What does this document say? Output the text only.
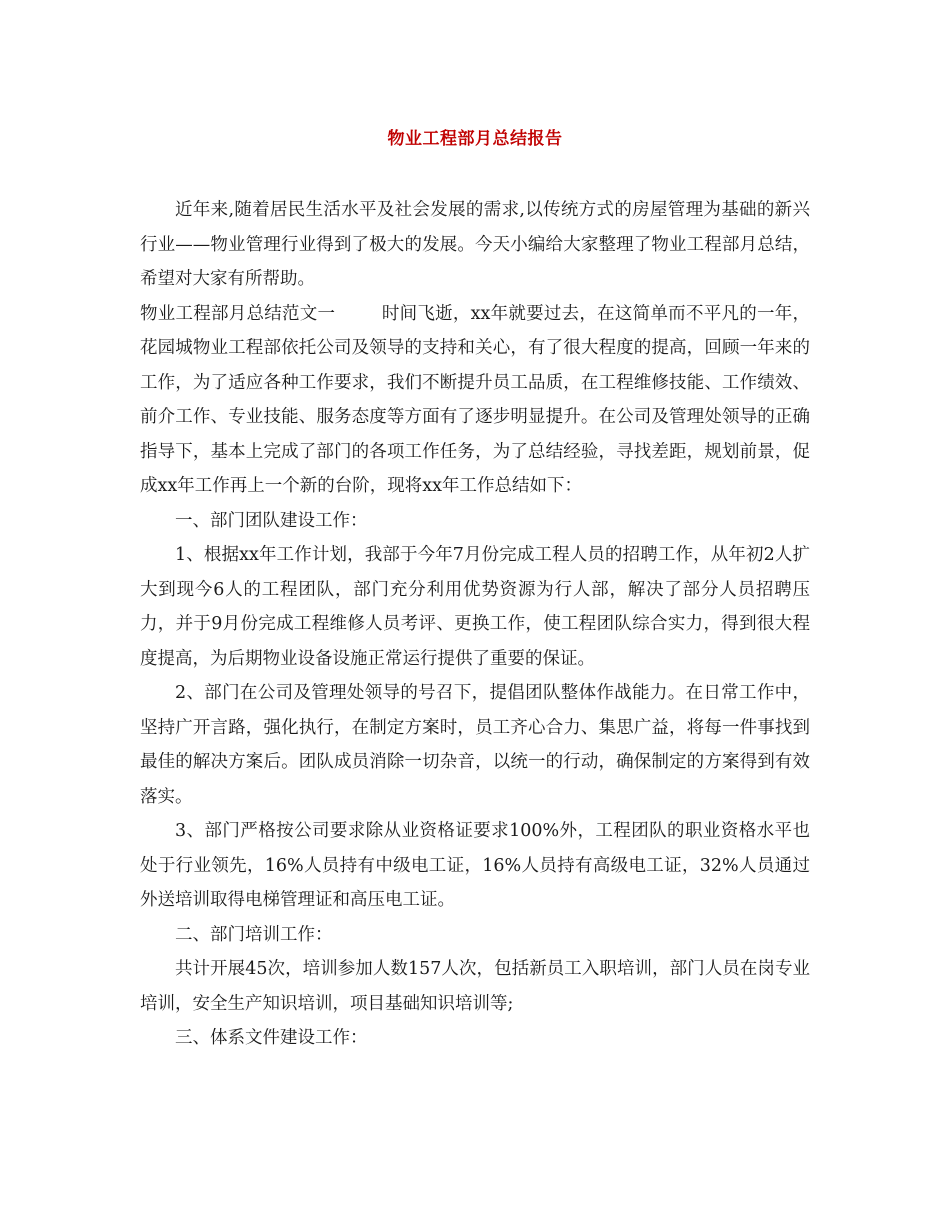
物业工程部月总结报告

近年来,随着居民生活水平及社会发展的需求,以传统方式的房屋管理为基础的新兴行业——物业管理行业得到了极大的发展。今天小编给大家整理了物业工程部月总结，希望对大家有所帮助。

物业工程部月总结范文一	时间飞逝，xx年就要过去，在这简单而不平凡的一年，花园城物业工程部依托公司及领导的支持和关心，有了很大程度的提高，回顾一年来的工作，为了适应各种工作要求，我们不断提升员工品质，在工程维修技能、工作绩效、前介工作、专业技能、服务态度等方面有了逐步明显提升。在公司及管理处领导的正确指导下，基本上完成了部门的各项工作任务，为了总结经验，寻找差距，规划前景，促成xx年工作再上一个新的台阶，现将xx年工作总结如下：

一、部门团队建设工作：

1、根据xx年工作计划，我部于今年7月份完成工程人员的招聘工作，从年初2人扩大到现今6人的工程团队，部门充分利用优势资源为行人部，解决了部分人员招聘压力，并于9月份完成工程维修人员考评、更换工作，使工程团队综合实力，得到很大程度提高，为后期物业设备设施正常运行提供了重要的保证。

2、部门在公司及管理处领导的号召下，提倡团队整体作战能力。在日常工作中，坚持广开言路，强化执行，在制定方案时，员工齐心合力、集思广益，将每一件事找到最佳的解决方案后。团队成员消除一切杂音，以统一的行动，确保制定的方案得到有效落实。

3、部门严格按公司要求除从业资格证要求100%外，工程团队的职业资格水平也处于行业领先，16%人员持有中级电工证，16%人员持有高级电工证，32%人员通过外送培训取得电梯管理证和高压电工证。

二、部门培训工作：

共计开展45次，培训参加人数157人次，包括新员工入职培训，部门人员在岗专业培训，安全生产知识培训，项目基础知识培训等;

三、体系文件建设工作：
